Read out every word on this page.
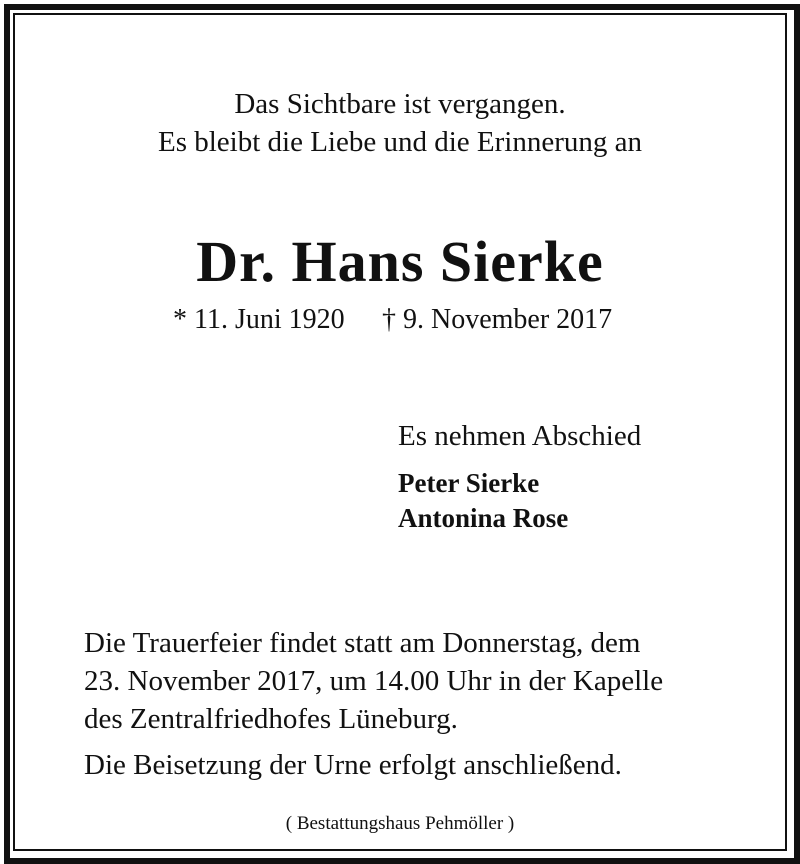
Das Sichtbare ist vergangen.
Es bleibt die Liebe und die Erinnerung an
Dr. Hans Sierke
* 11. Juni 1920 † 9. November 2017
Es nehmen Abschied
Peter Sierke
Antonina Rose
Die Trauerfeier findet statt am Donnerstag, dem
23. November 2017, um 14.00 Uhr in der Kapelle
des Zentralfriedhofes Lüneburg.
Die Beisetzung der Urne erfolgt anschließend.
( Bestattungshaus Pehmöller )
